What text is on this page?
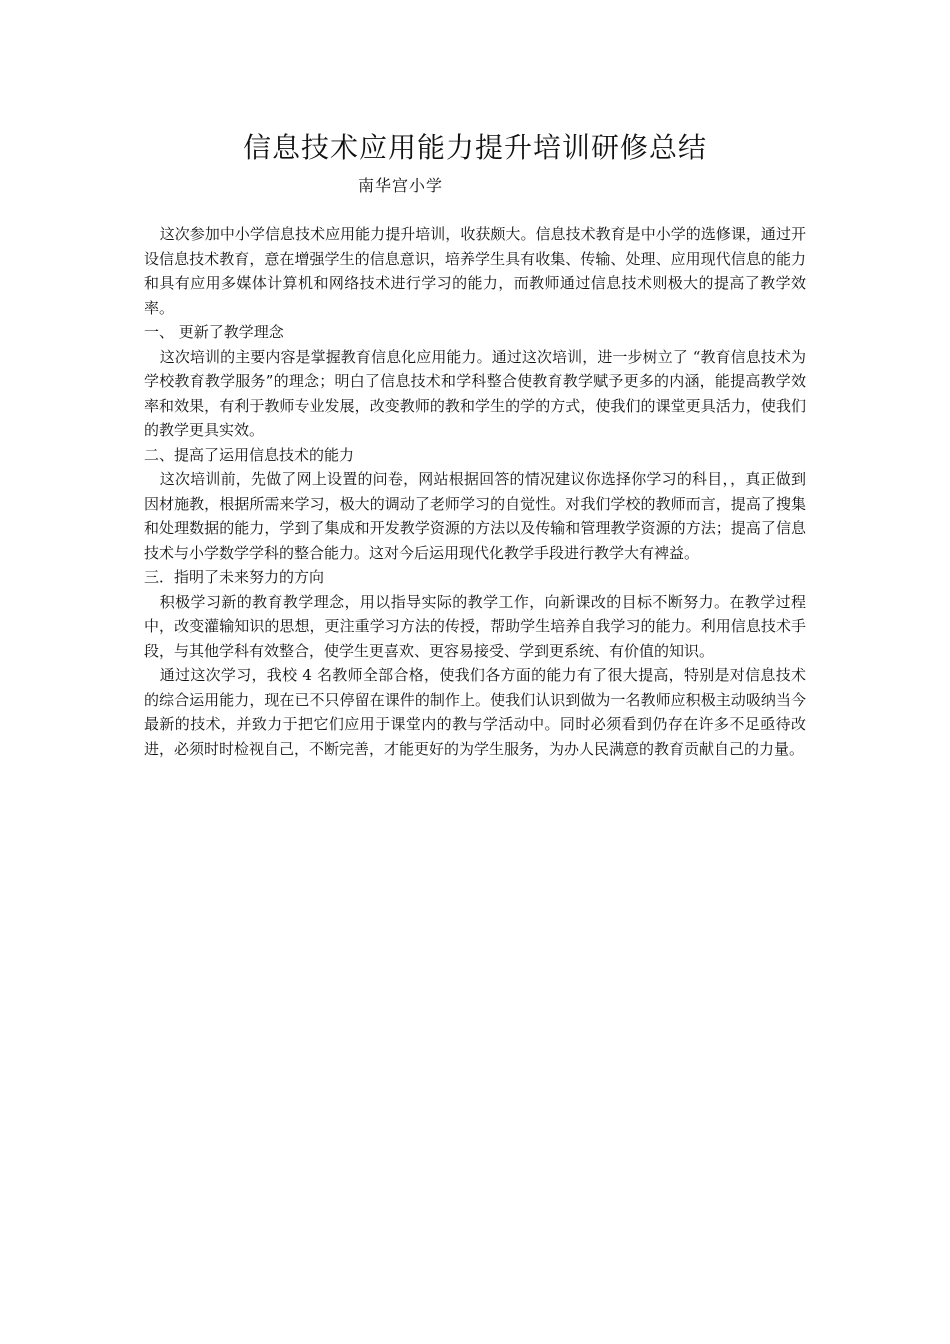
信息技术应用能力提升培训研修总结
南华宫小学

这次参加中小学信息技术应用能力提升培训，收获颇大。信息技术教育是中小学的选修课，通过开设信息技术教育，意在增强学生的信息意识，培养学生具有收集、传输、处理、应用现代信息的能力和具有应用多媒体计算机和网络技术进行学习的能力，而教师通过信息技术则极大的提高了教学效率。

一、 更新了教学理念

这次培训的主要内容是掌握教育信息化应用能力。通过这次培训，进一步树立了 “教育信息技术为学校教育教学服务”的理念；明白了信息技术和学科整合使教育教学赋予更多的内涵，能提高教学效率和效果，有利于教师专业发展，改变教师的教和学生的学的方式，使我们的课堂更具活力，使我们的教学更具实效。

二、提高了运用信息技术的能力

这次培训前，先做了网上设置的问卷，网站根据回答的情况建议你选择你学习的科目，，真正做到因材施教，根据所需来学习，极大的调动了老师学习的自觉性。对我们学校的教师而言，提高了搜集和处理数据的能力，学到了集成和开发教学资源的方法以及传输和管理教学资源的方法；提高了信息技术与小学数学学科的整合能力。这对今后运用现代化教学手段进行教学大有裨益。

三．指明了未来努力的方向

积极学习新的教育教学理念，用以指导实际的教学工作，向新课改的目标不断努力。在教学过程中，改变灌输知识的思想，更注重学习方法的传授，帮助学生培养自我学习的能力。利用信息技术手段，与其他学科有效整合，使学生更喜欢、更容易接受、学到更系统、有价值的知识。

通过这次学习，我校 4 名教师全部合格，使我们各方面的能力有了很大提高，特别是对信息技术的综合运用能力，现在已不只停留在课件的制作上。使我们认识到做为一名教师应积极主动吸纳当今最新的技术，并致力于把它们应用于课堂内的教与学活动中。同时必须看到仍存在许多不足亟待改进，必须时时检视自己，不断完善，才能更好的为学生服务，为办人民满意的教育贡献自己的力量。
